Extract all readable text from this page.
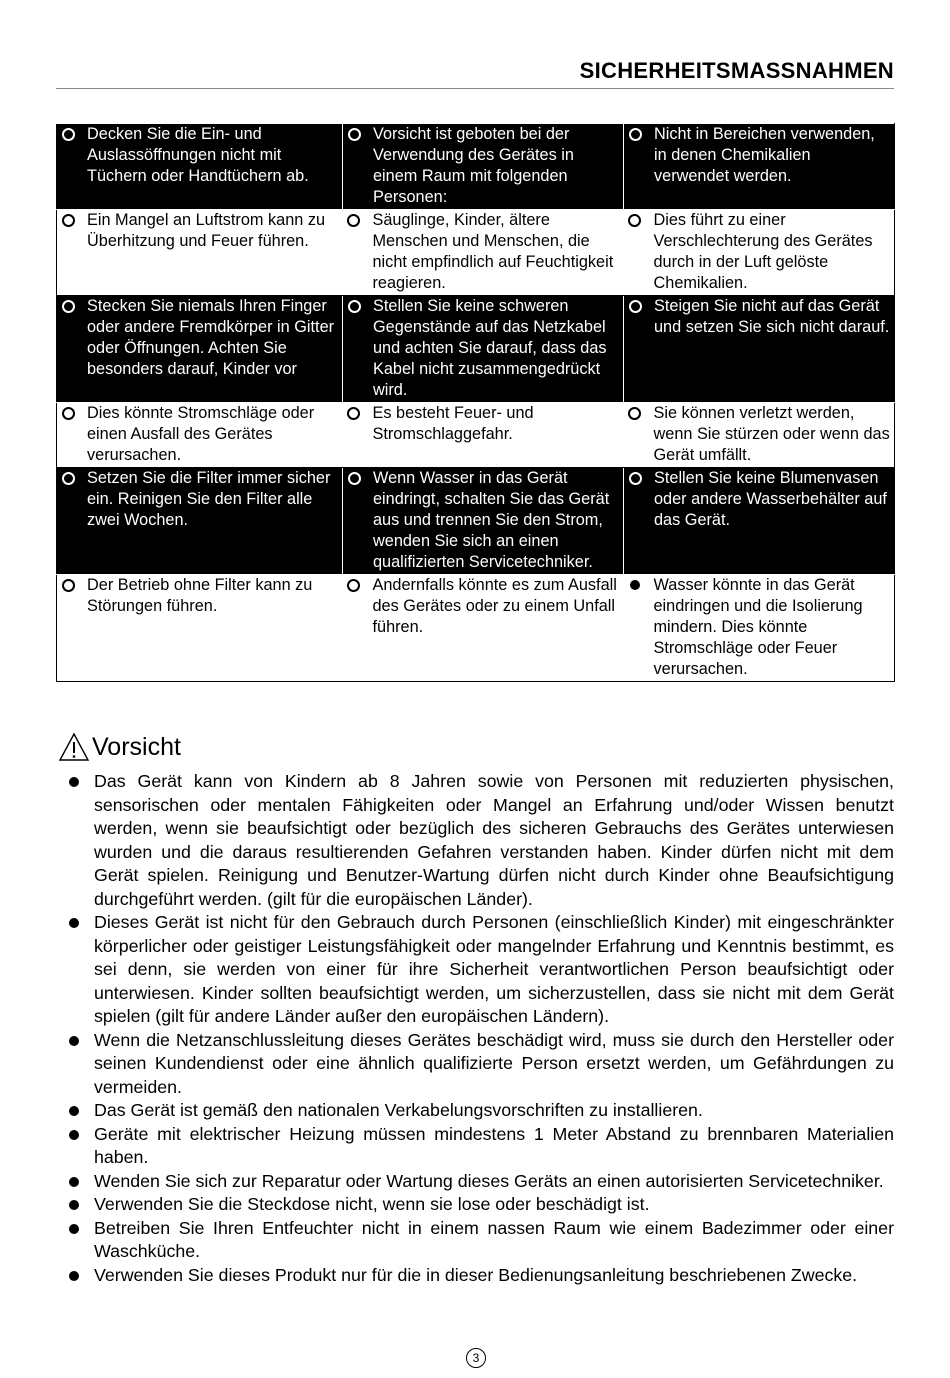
SICHERHEITSMASSNAHMEN
Decken Sie die Ein- und Auslassöffnungen nicht mit Tüchern oder Handtüchern ab.	Vorsicht ist geboten bei der Verwendung des Gerätes in einem Raum mit folgenden Personen:	Nicht in Bereichen verwenden, in denen Chemikalien verwendet werden.

Ein Mangel an Luftstrom kann zu Überhitzung und Feuer führen.	Säuglinge, Kinder, ältere Menschen und Menschen, die nicht empfindlich auf Feuchtigkeit reagieren.	Dies führt zu einer Verschlechterung des Gerätes durch in der Luft gelöste Chemikalien.

Stecken Sie niemals Ihren Finger oder andere Fremdkörper in Gitter oder Öffnungen. Achten Sie besonders darauf, Kinder vor	Stellen Sie keine schweren Gegenstände auf das Netzkabel und achten Sie darauf, dass das Kabel nicht zusammengedrückt wird.	Steigen Sie nicht auf das Gerät und setzen Sie sich nicht darauf.

Dies könnte Stromschläge oder einen Ausfall des Gerätes verursachen.	Es besteht Feuer- und Stromschlaggefahr.	Sie können verletzt werden, wenn Sie stürzen oder wenn das Gerät umfällt.

Setzen Sie die Filter immer sicher ein. Reinigen Sie den Filter alle zwei Wochen.	Wenn Wasser in das Gerät eindringt, schalten Sie das Gerät aus und trennen Sie den Strom, wenden Sie sich an einen qualifizierten Servicetechniker.	Stellen Sie keine Blumenvasen oder andere Wasserbehälter auf das Gerät.

Der Betrieb ohne Filter kann zu Störungen führen.	Andernfalls könnte es zum Ausfall des Gerätes oder zu einem Unfall führen.	Wasser könnte in das Gerät eindringen und die Isolierung mindern. Dies könnte Stromschläge oder Feuer verursachen.
Vorsicht
Das Gerät kann von Kindern ab 8 Jahren sowie von Personen mit reduzierten physischen, sensorischen oder mentalen Fähigkeiten oder Mangel an Erfahrung und/oder Wissen benutzt werden, wenn sie beaufsichtigt oder bezüglich des sicheren Gebrauchs des Gerätes unterwiesen wurden und die daraus resultierenden Gefahren verstanden haben. Kinder dürfen nicht mit dem Gerät spielen. Reinigung und Benutzer-Wartung dürfen nicht durch Kinder ohne Beaufsichtigung durchgeführt werden. (gilt für die europäischen Länder).
Dieses Gerät ist nicht für den Gebrauch durch Personen (einschließlich Kinder) mit eingeschränkter körperlicher oder geistiger Leistungsfähigkeit oder mangelnder Erfahrung und Kenntnis bestimmt, es sei denn, sie werden von einer für ihre Sicherheit verantwortlichen Person beaufsichtigt oder unterwiesen. Kinder sollten beaufsichtigt werden, um sicherzustellen, dass sie nicht mit dem Gerät spielen (gilt für andere Länder außer den europäischen Ländern).
Wenn die Netzanschlussleitung dieses Gerätes beschädigt wird, muss sie durch den Hersteller oder seinen Kundendienst oder eine ähnlich qualifizierte Person ersetzt werden, um Gefährdungen zu vermeiden.
Das Gerät ist gemäß den nationalen Verkabelungsvorschriften zu installieren.
Geräte mit elektrischer Heizung müssen mindestens 1 Meter Abstand zu brennbaren Materialien haben.
Wenden Sie sich zur Reparatur oder Wartung dieses Geräts an einen autorisierten Servicetechniker.
Verwenden Sie die Steckdose nicht, wenn sie lose oder beschädigt ist.
Betreiben Sie Ihren Entfeuchter nicht in einem nassen Raum wie einem Badezimmer oder einer Waschküche.
Verwenden Sie dieses Produkt nur für die in dieser Bedienungsanleitung beschriebenen Zwecke.
3
